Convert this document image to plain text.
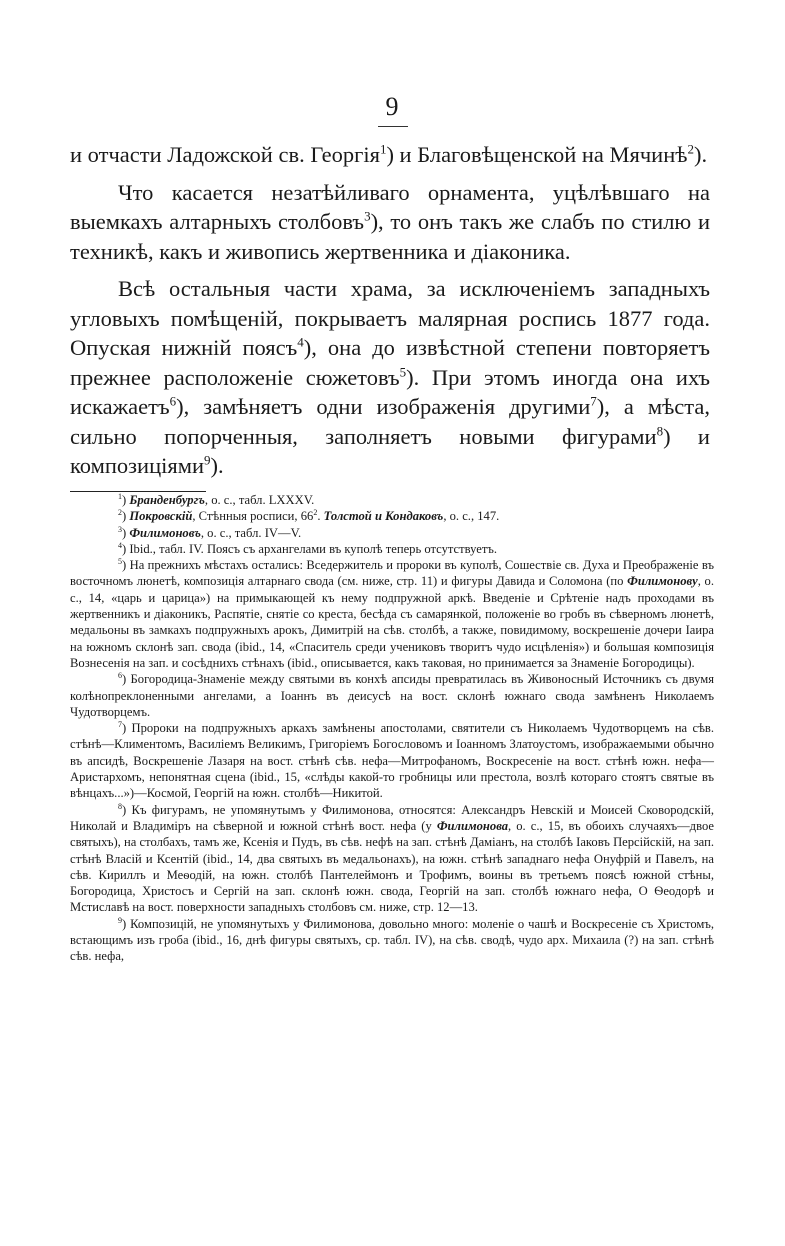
9

и отчасти Ладожской св. Георгія$^1$) и Благовѣщенской на Мячинѣ$^2$).

Что касается незатѣйливаго орнамента, уцѣлѣвшаго на выемкахъ алтарныхъ столбовъ$^3$), то онъ такъ же слабъ по стилю и техникѣ, какъ и живопись жертвенника и діаконика.

Всѣ остальныя части храма, за исключеніемъ западныхъ угловыхъ помѣщеній, покрываетъ малярная роспись 1877 года. Опуская нижній поясъ$^4$), она до извѣстной степени повторяетъ прежнее расположеніе сюжетовъ$^5$). При этомъ иногда она ихъ искажаетъ$^6$), замѣняетъ одни изображенія другими$^7$), а мѣста, сильно попорченныя, заполняетъ новыми фигурами$^8$) и композиціями$^9$).

$^1$) Бранденбургъ, о. с., табл. LXXXV.

$^2$) Покровскій, Стѣнныя росписи, $66^2$. Толстой и Кондаковъ, о. с., 147.

$^3$) Филимоновъ, о. с., табл. IV—V.

$^4$) Ibid., табл. IV. Поясъ съ архангелами въ куполѣ теперь отсутствуетъ.

$^5$) На прежнихъ мѣстахъ остались: Вседержитель и пророки въ куполѣ, Сошествіе св. Духа и Преображеніе въ восточномъ люнетѣ, композиція алтарнаго свода (см. ниже, стр. 11) и фигуры Давида и Соломона (по Филимонову, о. с., 14, «царь и царица») на примыкающей къ нему подпружной аркѣ. Введеніе и Срѣтеніе надъ проходами въ жертвенникъ и діаконикъ, Распятіе, снятіе со креста, бесѣда съ самарянкой, положеніе во гробъ въ сѣверномъ люнетѣ, медальоны въ замкахъ подпружныхъ арокъ, Димитрій на сѣв. столбѣ, а также, повидимому, воскрешеніе дочери Іаира на южномъ склонѣ зап. свода (ibid., 14, «Спаситель среди учениковъ творитъ чудо исцѣленія») и большая композиція Вознесенія на зап. и сосѣднихъ стѣнахъ (ibid., описывается, какъ таковая, но принимается за Знаменіе Богородицы).

$^6$) Богородица-Знаменіе между святыми въ конхѣ апсиды превратилась въ Живоносный Источникъ съ двумя колѣнопреклоненными ангелами, а Іоаннъ въ деисусѣ на вост. склонѣ южнаго свода замѣненъ Николаемъ Чудотворцемъ.

$^7$) Пророки на подпружныхъ аркахъ замѣнены апостолами, святители съ Николаемъ Чудотворцемъ на сѣв. стѣнѣ—Климентомъ, Василіемъ Великимъ, Григоріемъ Богословомъ и Іоанномъ Златоустомъ, изображаемыми обычно въ апсидѣ, Воскрешеніе Лазаря на вост. стѣнѣ сѣв. нефа—Митрофаномъ, Воскресеніе на вост. стѣнѣ южн. нефа—Аристархомъ, непонятная сцена (ibid., 15, «слѣды какой-то гробницы или престола, возлѣ котораго стоятъ святые въ вѣнцахъ...»)—Космой, Георгій на южн. столбѣ—Никитой.

$^8$) Къ фигурамъ, не упомянутымъ у Филимонова, относятся: Александръ Невскій и Моисей Сковородскій, Николай и Владиміръ на сѣверной и южной стѣнѣ вост. нефа (у Филимонова, о. с., 15, въ обоихъ случаяхъ—двое святыхъ), на столбахъ, тамъ же, Ксенія и Пудъ, въ сѣв. нефѣ на зап. стѣнѣ Даміанъ, на столбѣ Іаковъ Персійскій, на зап. стѣнѣ Власій и Ксентій (ibid., 14, два святыхъ въ медальонахъ), на южн. стѣнѣ западнаго нефа Онуфрій и Павелъ, на сѣв. Кириллъ и Меѳодій, на южн. столбѣ Пантелеймонъ и Трофимъ, воины въ третьемъ поясѣ южной стѣны, Богородица, Христосъ и Сергій на зап. склонѣ южн. свода, Георгій на зап. столбѣ южнаго нефа, О Ѳеодорѣ и Мстиславѣ на вост. поверхности западныхъ столбовъ см. ниже, стр. 12—13.

$^9$) Композицій, не упомянутыхъ у Филимонова, довольно много: моленіе о чашѣ и Воскресеніе съ Христомъ, встающимъ изъ гроба (ibid., 16, днѣ фигуры святыхъ, ср. табл. IV), на сѣв. сводѣ, чудо арх. Михаила (?) на зап. стѣнѣ сѣв. нефа,
